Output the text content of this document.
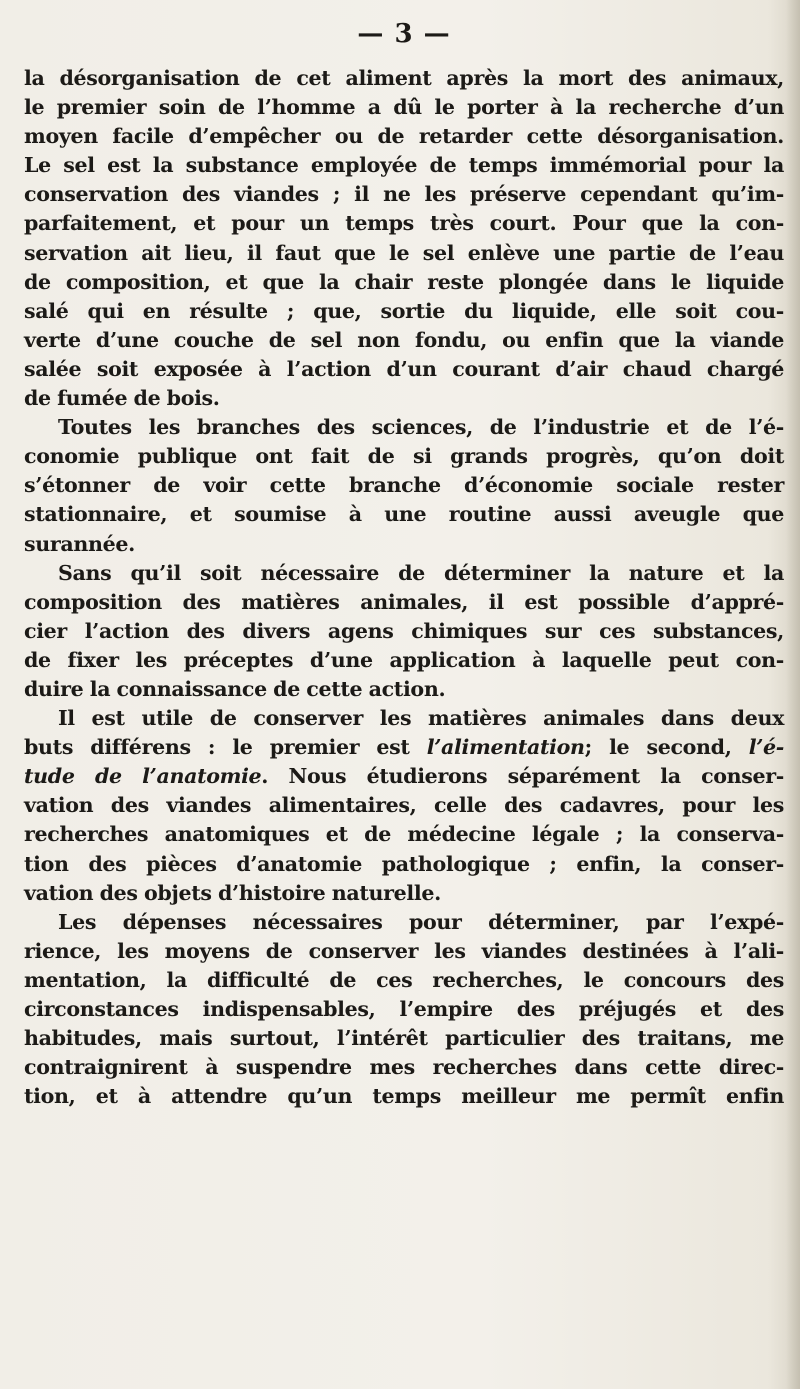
— 3 —
la désorganisation de cet aliment après la mort des animaux,
le premier soin de l’homme a dû le porter à la recherche d’un
moyen facile d’empêcher ou de retarder cette désorganisation.
Le sel est la substance employée de temps immémorial pour la
conservation des viandes ; il ne les préserve cependant qu’im-
parfaitement, et pour un temps très court. Pour que la con-
servation ait lieu, il faut que le sel enlève une partie de l’eau
de composition, et que la chair reste plongée dans le liquide
salé qui en résulte ; que, sortie du liquide, elle soit cou-
verte d’une couche de sel non fondu, ou enfin que la viande
salée soit exposée à l’action d’un courant d’air chaud chargé
de fumée de bois.
Toutes les branches des sciences, de l’industrie et de l’é-
conomie publique ont fait de si grands progrès, qu’on doit
s’étonner de voir cette branche d’économie sociale rester
stationnaire, et soumise à une routine aussi aveugle que
surannée.
Sans qu’il soit nécessaire de déterminer la nature et la
composition des matières animales, il est possible d’appré-
cier l’action des divers agens chimiques sur ces substances,
de fixer les préceptes d’une application à laquelle peut con-
duire la connaissance de cette action.
Il est utile de conserver les matières animales dans deux
buts différens : le premier est l’alimentation; le second, l’é-
tude de l’anatomie. Nous étudierons séparément la conser-
vation des viandes alimentaires, celle des cadavres, pour les
recherches anatomiques et de médecine légale ; la conserva-
tion des pièces d’anatomie pathologique ; enfin, la conser-
vation des objets d’histoire naturelle.
Les dépenses nécessaires pour déterminer, par l’expé-
rience, les moyens de conserver les viandes destinées à l’ali-
mentation, la difficulté de ces recherches, le concours des
circonstances indispensables, l’empire des préjugés et des
habitudes, mais surtout, l’intérêt particulier des traitans, me
contraignirent à suspendre mes recherches dans cette direc-
tion, et à attendre qu’un temps meilleur me permît enfin
